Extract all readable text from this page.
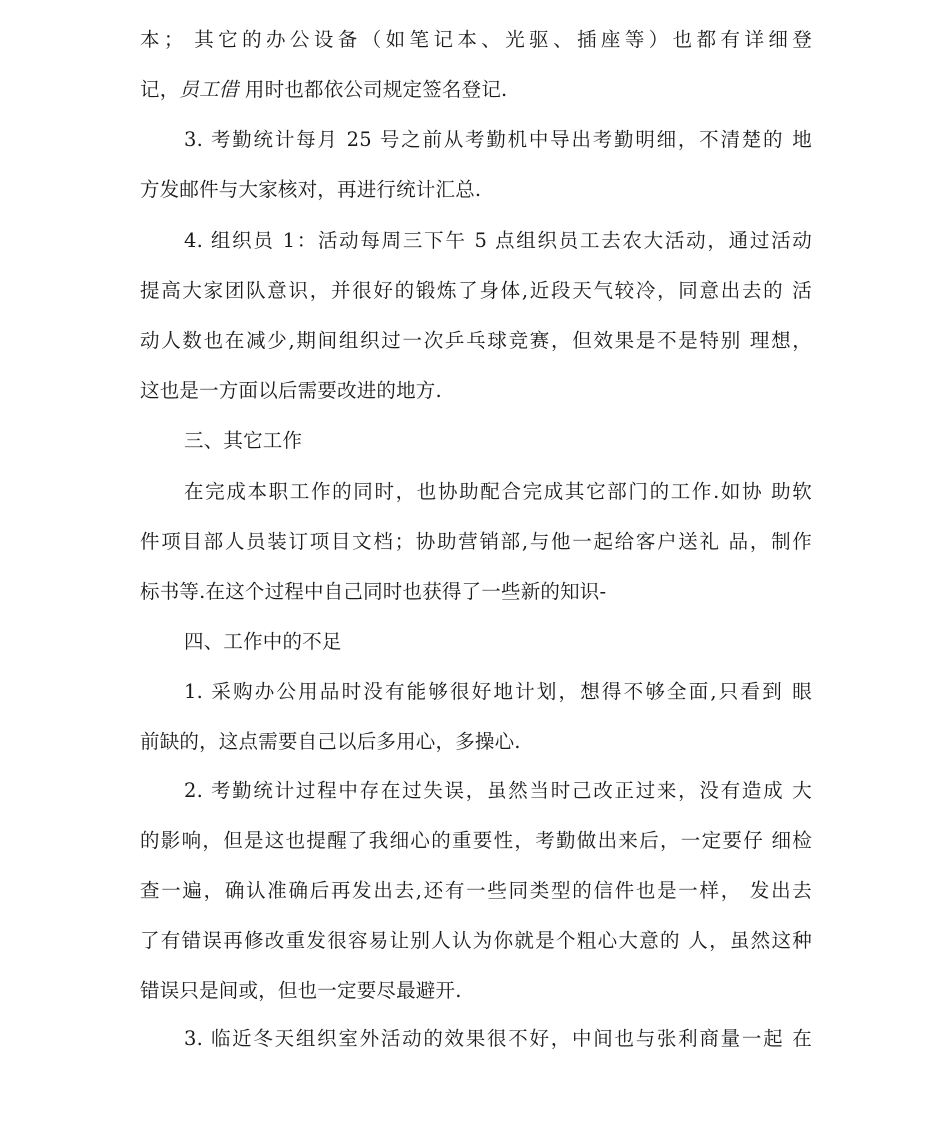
本； 其它的办公设备（如笔记本、光驱、插座等）也都有详细登
记，员工借 用时也都依公司规定签名登记.
3. 考勤统计每月 25 号之前从考勤机中导出考勤明细，不清楚的 地
方发邮件与大家核对，再进行统计汇总.
4. 组织员 1：活动每周三下午 5 点组织员工去农大活动，通过活动
提高大家团队意识，并很好的锻炼了身体,近段天气较冷，同意出去的 活
动人数也在减少,期间组织过一次乒乓球竞赛，但效果是不是特别 理想，
这也是一方面以后需要改进的地方.
三、其它工作
在完成本职工作的同时，也协助配合完成其它部门的工作.如协 助软
件项目部人员装订项目文档；协助营销部,与他一起给客户送礼 品，制作
标书等.在这个过程中自己同时也获得了一些新的知识-
四、工作中的不足
1. 采购办公用品时没有能够很好地计划，想得不够全面,只看到 眼
前缺的，这点需要自己以后多用心，多操心.
2. 考勤统计过程中存在过失误，虽然当时己改正过来，没有造成 大
的影响，但是这也提醒了我细心的重要性，考勤做出来后，一定要仔 细检
查一遍，确认准确后再发出去,还有一些同类型的信件也是一样， 发出去
了有错误再修改重发很容易让别人认为你就是个粗心大意的 人，虽然这种
错误只是间或，但也一定要尽最避开.
3. 临近冬天组织室外活动的效果很不好，中间也与张利商量一起 在
